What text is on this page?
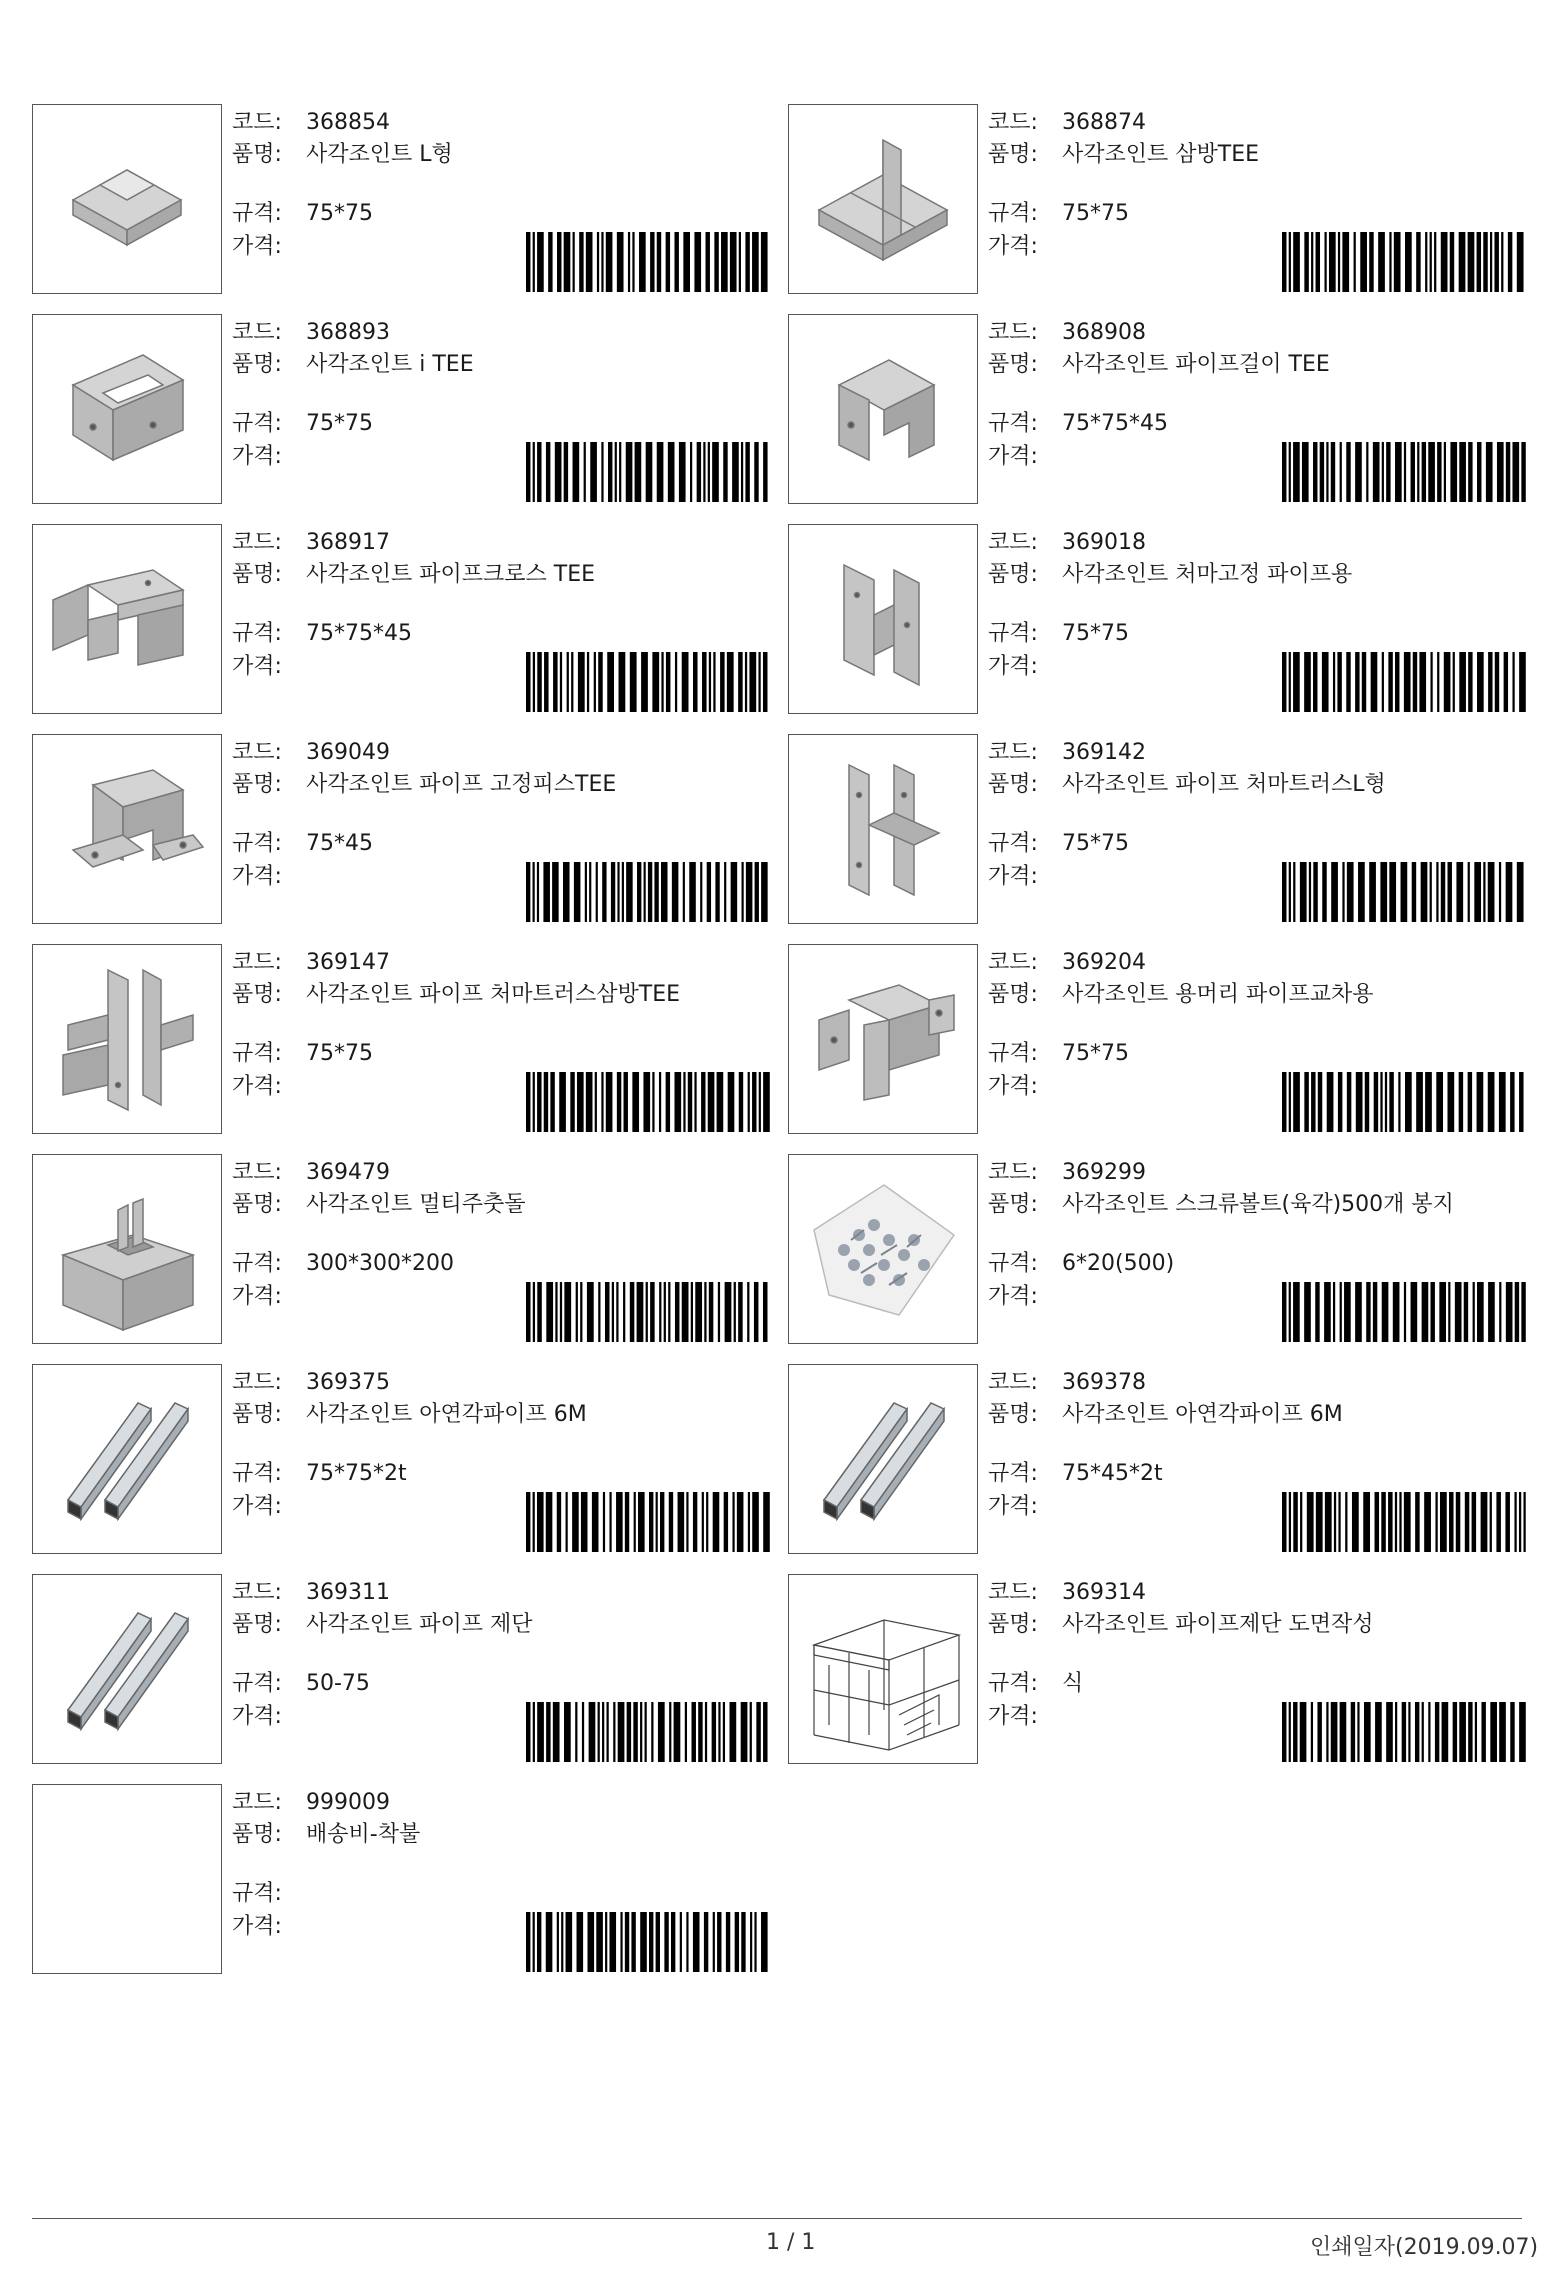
코드: 368854
품명: 사각조인트 L형
규격: 75*75
가격:
코드: 368874
품명: 사각조인트 삼방TEE
규격: 75*75
가격:
코드: 368893
품명: 사각조인트 i TEE
규격: 75*75
가격:
코드: 368908
품명: 사각조인트 파이프걸이 TEE
규격: 75*75*45
가격:
코드: 368917
품명: 사각조인트 파이프크로스 TEE
규격: 75*75*45
가격:
코드: 369018
품명: 사각조인트 처마고정 파이프용
규격: 75*75
가격:
코드: 369049
품명: 사각조인트 파이프 고정피스TEE
규격: 75*45
가격:
코드: 369142
품명: 사각조인트 파이프 처마트러스L형
규격: 75*75
가격:
코드: 369147
품명: 사각조인트 파이프 처마트러스삼방TEE
규격: 75*75
가격:
코드: 369204
품명: 사각조인트 용머리 파이프교차용
규격: 75*75
가격:
코드: 369479
품명: 사각조인트 멀티주춧돌
규격: 300*300*200
가격:
코드: 369299
품명: 사각조인트 스크류볼트(육각)500개 봉지
규격: 6*20(500)
가격:
코드: 369375
품명: 사각조인트 아연각파이프 6M
규격: 75*75*2t
가격:
코드: 369378
품명: 사각조인트 아연각파이프 6M
규격: 75*45*2t
가격:
코드: 369311
품명: 사각조인트 파이프 제단
규격: 50-75
가격:
코드: 369314
품명: 사각조인트 파이프제단 도면작성
규격: 식
가격:
코드: 999009
품명: 배송비-착불
규격:
가격:
1 / 1	인쇄일자(2019.09.07)
